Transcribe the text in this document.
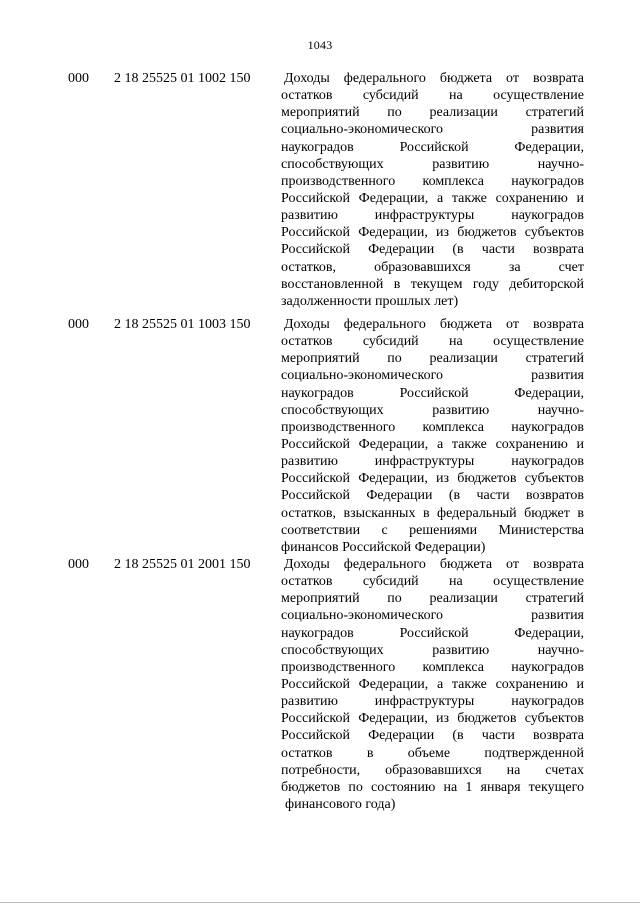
1043
000 2 18 25525 01 1002 150 Доходы федерального бюджета от возврата
остатков субсидий на осуществление
мероприятий по реализации стратегий
социально-экономического развития
наукоградов Российской Федерации,
способствующих развитию научно-
производственного комплекса наукоградов
Российской Федерации, а также сохранению и
развитию инфраструктуры наукоградов
Российской Федерации, из бюджетов субъектов
Российской Федерации (в части возврата
остатков, образовавшихся за счет
восстановленной в текущем году дебиторской
задолженности прошлых лет)
000 2 18 25525 01 1003 150 Доходы федерального бюджета от возврата
остатков субсидий на осуществление
мероприятий по реализации стратегий
социально-экономического развития
наукоградов Российской Федерации,
способствующих развитию научно-
производственного комплекса наукоградов
Российской Федерации, а также сохранению и
развитию инфраструктуры наукоградов
Российской Федерации, из бюджетов субъектов
Российской Федерации (в части возвратов
остатков, взысканных в федеральный бюджет в
соответствии с решениями Министерства
финансов Российской Федерации)
000 2 18 25525 01 2001 150 Доходы федерального бюджета от возврата
остатков субсидий на осуществление
мероприятий по реализации стратегий
социально-экономического развития
наукоградов Российской Федерации,
способствующих развитию научно-
производственного комплекса наукоградов
Российской Федерации, а также сохранению и
развитию инфраструктуры наукоградов
Российской Федерации, из бюджетов субъектов
Российской Федерации (в части возврата
остатков в объеме подтвержденной
потребности, образовавшихся на счетах
бюджетов по состоянию на 1 января текущего
финансового года)
